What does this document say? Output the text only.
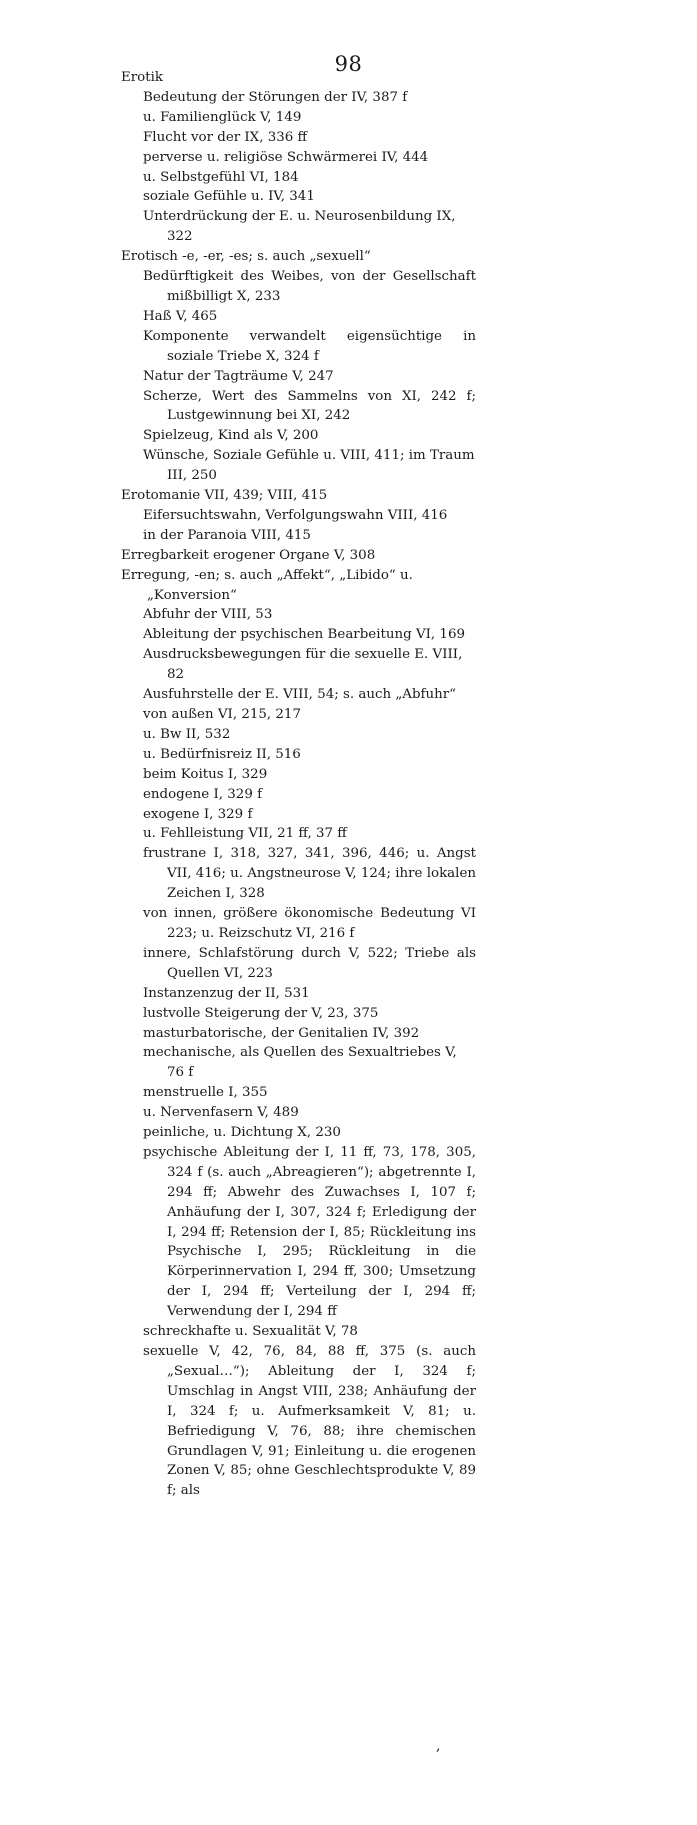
98
Erotik
Bedeutung der Störungen der IV, 387 f
u. Familienglück V, 149
Flucht vor der IX, 336 ff
perverse u. religiöse Schwärmerei IV, 444
u. Selbstgefühl VI, 184
soziale Gefühle u. IV, 341
Unterdrückung der E. u. Neurosenbildung IX, 322
Erotisch -e, -er, -es; s. auch „sexuell“
Bedürftigkeit des Weibes, von der Gesellschaft mißbilligt X, 233
Haß V, 465
Komponente verwandelt eigensüchtige in soziale Triebe X, 324 f
Natur der Tagträume V, 247
Scherze, Wert des Sammelns von XI, 242 f; Lustgewinnung bei XI, 242
Spielzeug, Kind als V, 200
Wünsche, Soziale Gefühle u. VIII, 411; im Traum III, 250
Erotomanie VII, 439; VIII, 415
Eifersuchtswahn, Verfolgungswahn VIII, 416
in der Paranoia VIII, 415
Erregbarkeit erogener Organe V, 308
Erregung, -en; s. auch „Affekt“, „Libido“ u. „Konversion“
Abfuhr der VIII, 53
Ableitung der psychischen Bearbeitung VI, 169
Ausdrucksbewegungen für die sexuelle E. VIII, 82
Ausfuhrstelle der E. VIII, 54; s. auch „Abfuhr“
von außen VI, 215, 217
u. Bw II, 532
u. Bedürfnisreiz II, 516
beim Koitus I, 329
endogene I, 329 f
exogene I, 329 f
u. Fehlleistung VII, 21 ff, 37 ff
frustrane I, 318, 327, 341, 396, 446; u. Angst VII, 416; u. Angstneurose V, 124; ihre lokalen Zeichen I, 328
von innen, größere ökonomische Bedeutung VI 223; u. Reizschutz VI, 216 f
innere, Schlafstörung durch V, 522; Triebe als Quellen VI, 223
Instanzenzug der II, 531
lustvolle Steigerung der V, 23, 375
masturbatorische, der Genitalien IV, 392
mechanische, als Quellen des Sexualtriebes V, 76 f
menstruelle I, 355
u. Nervenfasern V, 489
peinliche, u. Dichtung X, 230
psychische Ableitung der I, 11 ff, 73, 178, 305, 324 f (s. auch „Abreagieren“); abgetrennte I, 294 ff; Abwehr des Zuwachses I, 107 f; Anhäufung der I, 307, 324 f; Erledigung der I, 294 ff; Retension der I, 85; Rückleitung ins Psychische I, 295; Rückleitung in die Körperinnervation I, 294 ff, 300; Umsetzung der I, 294 ff; Verteilung der I, 294 ff; Verwendung der I, 294 ff
schreckhafte u. Sexualität V, 78
sexuelle V, 42, 76, 84, 88 ff, 375 (s. auch „Sexual…“); Ableitung der I, 324 f; Umschlag in Angst VIII, 238; Anhäufung der I, 324 f; u. Aufmerksamkeit V, 81; u. Befriedigung V, 76, 88; ihre chemischen Grundlagen V, 91; Einleitung u. die erogenen Zonen V, 85; ohne Geschlechtsprodukte V, 89 f; als
,
